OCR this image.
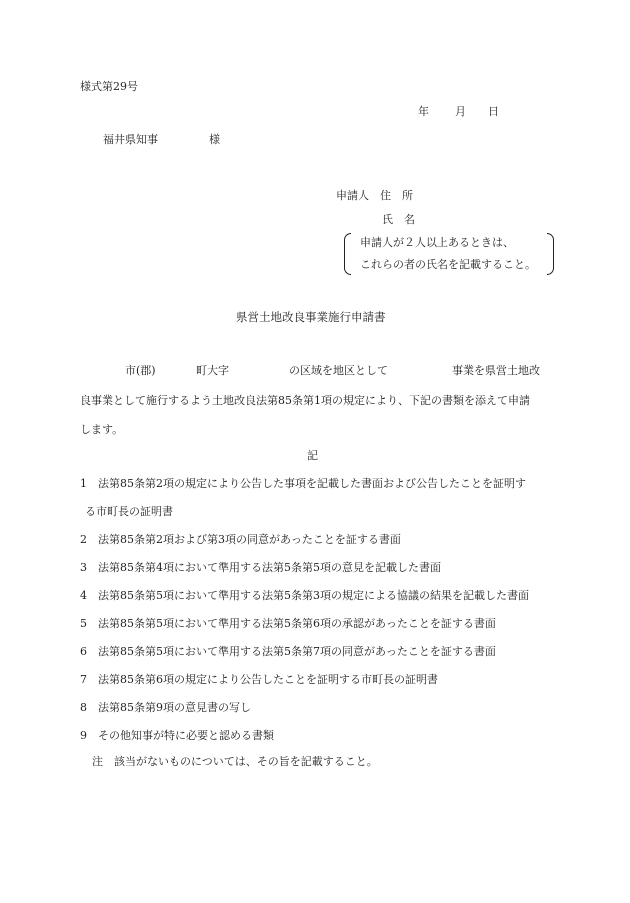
様式第29号
年 月 日
福井県知事	様
申請人 住　所
氏　名
申請人が２人以上あるときは、
これらの者の氏名を記載すること。
県営土地改良事業施行申請書
市(郡)	町大字	の区域を地区として	事業を県営土地改
良事業として施行するよう土地改良法第85条第1項の規定により、下記の書類を添えて申請
します。
記
1 法第85条第2項の規定により公告した事項を記載した書面および公告したことを証明す
る市町長の証明書
2 法第85条第2項および第3項の同意があったことを証する書面
3 法第85条第4項において準用する法第5条第5項の意見を記載した書面
4 法第85条第5項において準用する法第5条第3項の規定による協議の結果を記載した書面
5 法第85条第5項において準用する法第5条第6項の承認があったことを証する書面
6 法第85条第5項において準用する法第5条第7項の同意があったことを証する書面
7 法第85条第6項の規定により公告したことを証明する市町長の証明書
8 法第85条第9項の意見書の写し
9 その他知事が特に必要と認める書類
注　該当がないものについては、その旨を記載すること。
